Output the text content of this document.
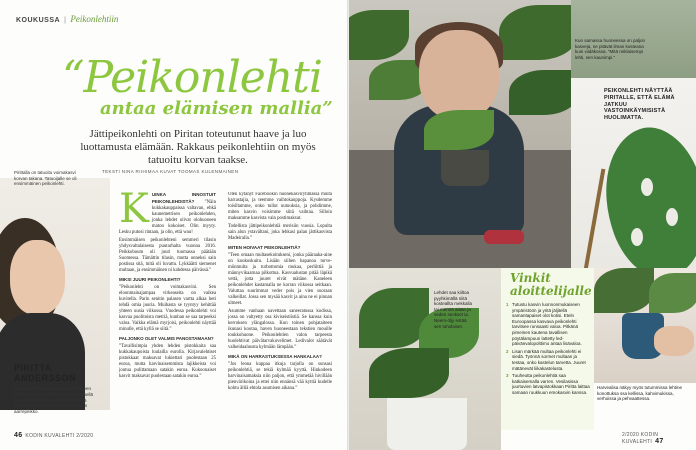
KOUKUSSA | Peikonlehtiin
“Peikonlehti
antaa elämisen mallia”
Jättipeikonlehti on Piritan toteutunut haave ja luo luottamusta elämään. Rakkaus peikonlehtiin on myös tatuoitu korvan taakse.
TEKSTI NINA RIIHIMAA KUVAT TOOMAS KULENMAINEN
Pirittalla on tatuoitu voimakasvi korvan takana. Tatuoijalle se oli ensimmäinen peikonlehti.
PIRITTA
ANDERSSON
43-vuotias lähihoitaja asuu perheineen länsipirumaalla omakotitalossa. Hänellä on kolme erilaista peikonlehteä sekä muita Monstera-suvun kasveja kuten aarrepeikko.

KUINKA INNOSTUIT PEIKONLEHDISTÄ? ”Näin kukkakauppaissa valtavan, ehkä kaunemetrisen peikonlehden, jonka lehdet olivat olohuoneen maton kokoiset. Olin myyty. Lesku putosi rintaan, ja olin, että wau!

Ensimmäisen peikonlehteni semmeri tilasin yhdysvaltalaisesta puutarhalta vuonna 2016. Peikkoboum oli juuri tuomassa päätään Suomessa. Tämättin tilasin, mutta onneksi sain postissa sitä, mitä oli luvattu. Lykkäätti siemenet multaan, ja ensimmäinen ni kahdessa päivässä.”

MIKSI JUURI PEIKONLEHTI?

”Peikonlehti on voimakasvini. Sen eloonmainajampaa virkeaseita on vaikea kuvitella. Parin senitin palasen vartta alkaa heti tehdä omia juuria. Muihasta se tyyntyy kehittää yhteen uusia viikossa. Vuodessa peikonlehti voi kasvaa puolitoista metriä, kunhan se saa tarpeeksi valoa. Vaikka elämä myrjoisi, peikonlehti näyttää minulle, että kyllä se siitä.”

PALJONKO OLET VALMIS PANOSTAMAAN?

”Tavallisimpia yhden lehden pistokkaita saa kukkakaupoista luulailla eurolla. Kirjavalehtiset pistokkaat maksavat lukiettari puolestaan 25 euroa, mutta harvinaisemmista lajikkeista voi joutua pulittamaan satakin euroa. Kukoonaiset kasvit maksavat puolestaan satakin euroa.”

Olen kytänyt Facebookin huonekasviryhmässä muita harrastajia, ja teemme vaihtokauppoja. Kysdemme toisiltamme, onko tullut uutuuksia, ja pohdimme, miten kasvin voisimme siitä vaihtaa. Silloin maksamme kasvista vain postimaksut.

Todellista jättipeikonlehtiä merisiin vuosia. Lopulta sain alun ystavältani, joka lehkasi palan jättikasvista Madeiralla.”

MITEN HOIVAAT PEIKONLEHTIÄ?

”Teen omaan multasekoitukseni, jonka pääraaka-aine on kookoskuitu. Lisään siihen hapanoa turve- mönmulta ja turbottomia mukaa, perliittiä ja männyvikaarnaa pilkottua. Kasvualustan pitää läpikä vettä, jotta juuret eivät mätäne. Kaneleen peikonlehdet kastamalla ne korran viikossa seitkaan. Valuttaa suurimmat veder pois ja vien suoraan valkeillat. Jossa sen mysää kasvit ja aina ne ei pinnan ulmeet.

Asumme vanhaan navettaan saneeratussa kodissa, jossa on valtyetty osa kiviseistiistiä. Se kanssa kuin kerroksen ylängalossa. Kun toinen pohjataiteen ikunasi kootaa, haven huoneestaan tekstien mouille toukkohuone. Peikonlehtien valon tarpeesta huolehtivat päivätarvakuvelimet. Ledivalot säätävät valkeidaaluusta kylmään lämpään.”

MIKÄ ON HARRASTUKSESSA HANKALAA?

”Jos leona kuppaa itkuja tarjolla on sunsasi peikonlehtiä, se tekiä kylmää kyyttä. Hinkodeen harvinaisamaksia niin paljon, että ymmetää hivillään pienvärikoina ja ettei niin ennänsä vää kyttiä kudelle kohtu älliä ehtola asumisen aikana.”

46 KODIN KUVALEHTI 2/2020
Kun samassa huoneessa on paljon kasveja, ne pitävät ilman kosteana kuin viidäkossa. ”Mitä reiklaisempi lehti, sen kaunimpi.”
PEIKONLEHTI NÄYTTÄÄ PIRITALLE, ETTÄ ELÄMÄ JATKUU VASTOINKÄYMISISTÄ HUOLIMATTA.
Lehdet saa kiiltoa pyyhkimällä niitä kosteallta mekkalla tai mennä aiään ja veden seokset ia. Neem-öljy estää sen tuholaiset.
Vinkit
aloittelijalle
1 Tutustu kasvin luonnonmukaiseen ympäristöön ja yritä jäljitellä samantapaiset olot kotisi. Eteln Euroopassa kasvava peikonlehti tarvitsee runsaasti valoa. Pitkänä pimeinen kautena tavallisen pöytälampuun lattetty led-päivänvalopolttimo antaa lisävaloa.
2 Lisan märkää multaa peikonlehti ei siedä. Työnnä sormet multaan ja testaa, onko kastelun tarvetta. Juuret mätänevät liikakastelusta.
3 Tuuheutta peikonlehtiä saa katkaisemalla varren. Vesilasissa juurtuvien latvapistokkaan Piritta laittaa samaan ruukkuun emokasvin kanssa.
Harvealisa näkyy myös tutummissa lehtine konottuksa ssa kellissa, kahvimukissa, verhoissa ja pehvaattessa.
2/2020 KODIN KUVALEHTI 47
